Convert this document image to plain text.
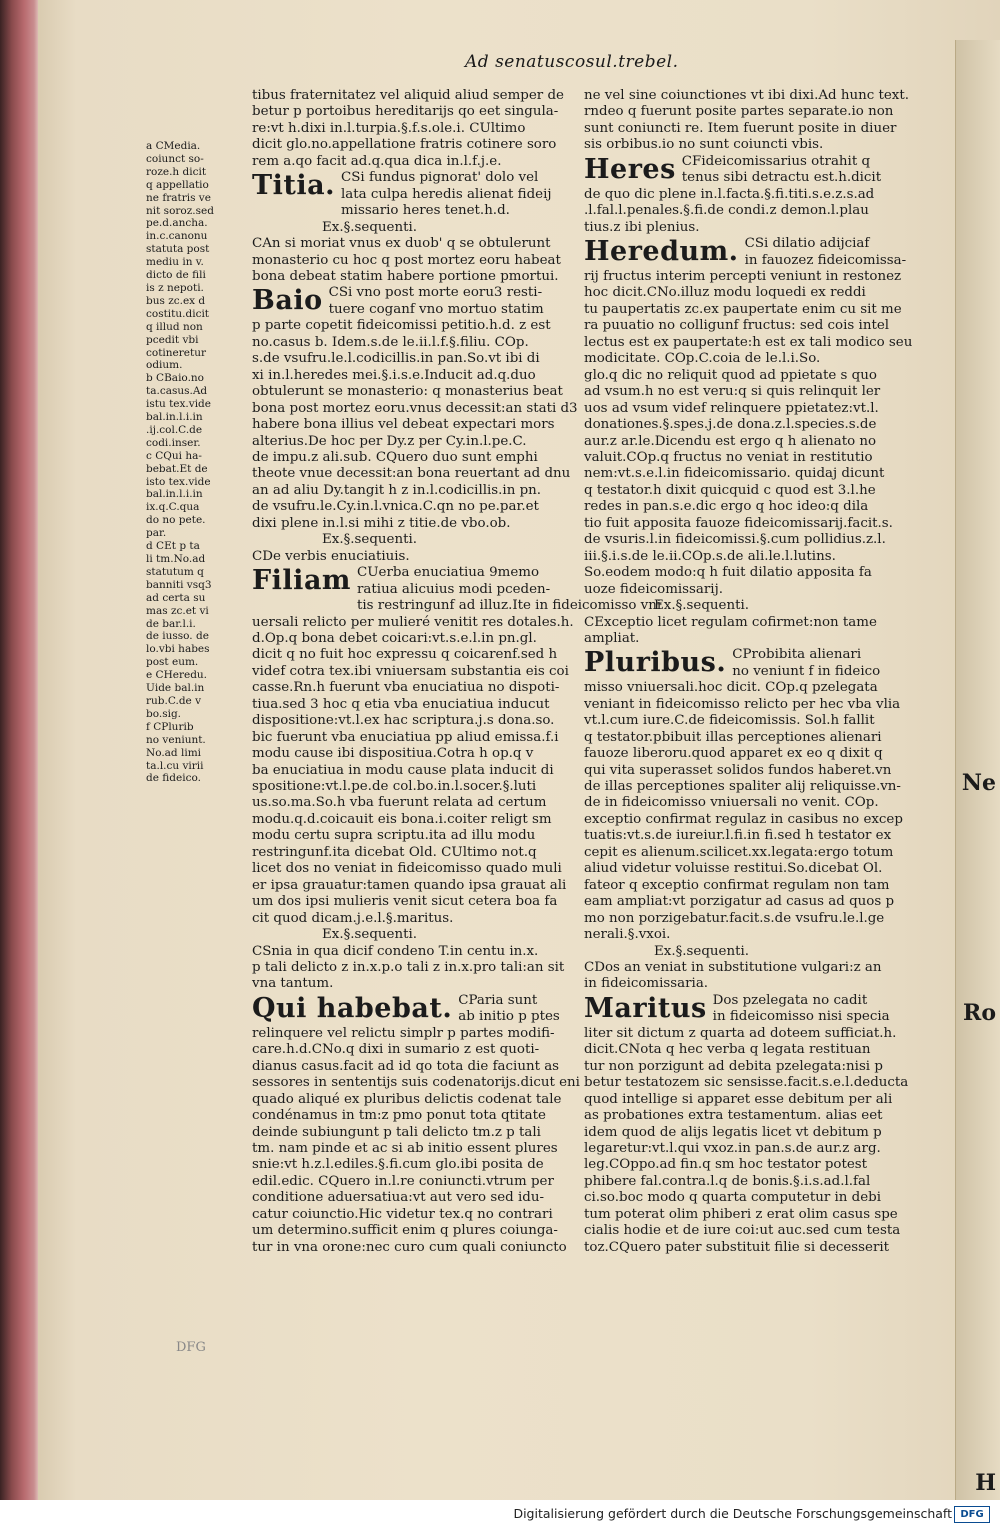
Ro
Ne
H
Ad senatuscosul.trebel.
a CMedia.
coiunct so-
roze.h dicit
q appellatio
ne fratris ve
nit soroz.sed
pe.d.ancha.
in.c.canonu
statuta post
mediu in v.
dicto de fili
is z nepoti.
bus zc.ex d
costitu.dicit
q illud non
pcedit vbi
cotineretur
odium.
b CBaio.no
ta.casus.Ad
istu tex.vide
bal.in.l.i.in
.ij.col.C.de
codi.inser.
c CQui ha-
bebat.Et de
isto tex.vide
bal.in.l.i.in
ix.q.C.qua
do no pete.
par.
d CEt p ta
li tm.No.ad
statutum q
banniti vsq3
ad certa su
mas zc.et vi
de bar.l.i.
de iusso. de
lo.vbi habes
post eum.
e CHeredu.
Uide bal.in
rub.C.de v
bo.sig.
f CPlurib
no veniunt.
No.ad limi
ta.l.cu virii
de fideico.
tibus fraternitatez vel aliquid aliud semper de
betur p portoibus hereditarijs qo eet singula-
re:vt h.dixi in.l.turpia.§.f.s.ole.i. CUltimo
dicit glo.no.appellatione fratris cotinere soro
rem a.qo facit ad.q.qua dica in.l.f.j.e.
Titia. CSi fundus pignorat' dolo vel
lata culpa heredis alienat fideij
missario heres tenet.h.d.
Ex.§.sequenti.
CAn si moriat vnus ex duob' q se obtulerunt
monasterio cu hoc q post mortez eoru habeat
bona debeat statim habere portione pmortui.
Baio CSi vno post morte eoru3 resti-
tuere coganf vno mortuo statim
p parte copetit fideicomissi petitio.h.d. z est
no.casus b. Idem.s.de le.ii.l.f.§.filiu. COp.
s.de vsufru.le.l.codicillis.in pan.So.vt ibi di
xi in.l.heredes mei.§.i.s.e.Inducit ad.q.duo
obtulerunt se monasterio: q monasterius beat
bona post mortez eoru.vnus decessit:an stati d3
habere bona illius vel debeat expectari mors
alterius.De hoc per Dy.z per Cy.in.l.pe.C.
de impu.z ali.sub. CQuero duo sunt emphi
theote vnue decessit:an bona reuertant ad dnu
an ad aliu Dy.tangit h z in.l.codicillis.in pn.
de vsufru.le.Cy.in.l.vnica.C.qn no pe.par.et
dixi plene in.l.si mihi z titie.de vbo.ob.
Ex.§.sequenti.
CDe verbis enuciatiuis.
Filiam CUerba enuciatiua 9memo
ratiua alicuius modi pceden-
tis restringunf ad illuz.Ite in fideicomisso vni
uersali relicto per mulieré venitit res dotales.h.
d.Op.q bona debet coicari:vt.s.e.l.in pn.gl.
dicit q no fuit hoc expressu q coicarenf.sed h
videf cotra tex.ibi vniuersam substantia eis coi
casse.Rn.h fuerunt vba enuciatiua no dispoti-
tiua.sed 3 hoc q etia vba enuciatiua inducut
dispositione:vt.l.ex hac scriptura.j.s dona.so.
bic fuerunt vba enuciatiua pp aliud emissa.f.i
modu cause ibi dispositiua.Cotra h op.q v
ba enuciatiua in modu cause plata inducit di
spositione:vt.l.pe.de col.bo.in.l.socer.§.luti
us.so.ma.So.h vba fuerunt relata ad certum
modu.q.d.coicauit eis bona.i.coiter religt sm
modu certu supra scriptu.ita ad illu modu
restringunf.ita dicebat Old. CUltimo not.q
licet dos no veniat in fideicomisso quado muli
er ipsa grauatur:tamen quando ipsa grauat ali
um dos ipsi mulieris venit sicut cetera boa fa
cit quod dicam.j.e.l.§.maritus.
Ex.§.sequenti.
CSnia in qua dicif condeno T.in centu in.x.
p tali delicto z in.x.p.o tali z in.x.pro tali:an sit
vna tantum.
Qui habebat. CParia sunt
ab initio p ptes
relinquere vel relictu simplr p partes modifi-
care.h.d.CNo.q dixi in sumario z est quoti-
dianus casus.facit ad id qo tota die faciunt as
sessores in sententijs suis codenatorijs.dicut eni
quado aliqué ex pluribus delictis codenat tale
condénamus in tm:z pmo ponut tota qtitate
deinde subiungunt p tali delicto tm.z p tali
tm. nam pinde et ac si ab initio essent plures
snie:vt h.z.l.ediles.§.fi.cum glo.ibi posita de
edil.edic. CQuero in.l.re coniuncti.vtrum per
conditione aduersatiua:vt aut vero sed idu-
catur coiunctio.Hic videtur tex.q no contrari
um determino.sufficit enim q plures coiunga-
tur in vna orone:nec curo cum quali coniuncto
ne vel sine coiunctiones vt ibi dixi.Ad hunc text.
rndeo q fuerunt posite partes separate.io non
sunt coniuncti re. Item fuerunt posite in diuer
sis orbibus.io no sunt coiuncti vbis.
Heres CFideicomissarius otrahit q
tenus sibi detractu est.h.dicit
de quo dic plene in.l.facta.§.fi.titi.s.e.z.s.ad
.l.fal.l.penales.§.fi.de condi.z demon.l.plau
tius.z ibi plenius.
Heredum. CSi dilatio adijciaf
in fauozez fideicomissa-
rij fructus interim percepti veniunt in restonez
hoc dicit.CNo.illuz modu loquedi ex reddi
tu paupertatis zc.ex paupertate enim cu sit me
ra puuatio no colligunf fructus: sed cois intel
lectus est ex paupertate:h est ex tali modico seu
modicitate. COp.C.coia de le.l.i.So.
glo.q dic no reliquit quod ad ppietate s quo
ad vsum.h no est veru:q si quis relinquit ler
uos ad vsum videf relinquere ppietatez:vt.l.
donationes.§.spes.j.de dona.z.l.species.s.de
aur.z ar.le.Dicendu est ergo q h alienato no
valuit.COp.q fructus no veniat in restitutio
nem:vt.s.e.l.in fideicomissario. quidaj dicunt
q testator.h dixit quicquid c quod est 3.l.he
redes in pan.s.e.dic ergo q hoc ideo:q dila
tio fuit apposita fauoze fideicomissarij.facit.s.
de vsuris.l.in fideicomissi.§.cum pollidius.z.l.
iii.§.i.s.de le.ii.COp.s.de ali.le.l.lutins.
So.eodem modo:q h fuit dilatio apposita fa
uoze fideicomissarij.
Ex.§.sequenti.
CExceptio licet regulam cofirmet:non tame
ampliat.
Pluribus. CProbibita alienari
no veniunt f in fideico
misso vniuersali.hoc dicit. COp.q pzelegata
veniant in fideicomisso relicto per hec vba vlia
vt.l.cum iure.C.de fideicomissis. Sol.h fallit
q testator.pbibuit illas perceptiones alienari
fauoze liberoru.quod apparet ex eo q dixit q
qui vita superasset solidos fundos haberet.vn
de illas perceptiones spaliter alij reliquisse.vn-
de in fideicomisso vniuersali no venit. COp.
exceptio confirmat regulaz in casibus no excep
tuatis:vt.s.de iureiur.l.fi.in fi.sed h testator ex
cepit es alienum.scilicet.xx.legata:ergo totum
aliud videtur voluisse restitui.So.dicebat Ol.
fateor q exceptio confirmat regulam non tam
eam ampliat:vt porzigatur ad casus ad quos p
mo non porzigebatur.facit.s.de vsufru.le.l.ge
nerali.§.vxoi.
Ex.§.sequenti.
CDos an veniat in substitutione vulgari:z an
in fideicomissaria.
Maritus Dos pzelegata no cadit
in fideicomisso nisi specia
liter sit dictum z quarta ad doteem sufficiat.h.
dicit.CNota q hec verba q legata restituan
tur non porzigunt ad debita pzelegata:nisi p
betur testatozem sic sensisse.facit.s.e.l.deducta
quod intellige si apparet esse debitum per ali
as probationes extra testamentum. alias eet
idem quod de alijs legatis licet vt debitum p
legaretur:vt.l.qui vxoz.in pan.s.de aur.z arg.
leg.COppo.ad fin.q sm hoc testator potest
phibere fal.contra.l.q de bonis.§.i.s.ad.l.fal
ci.so.boc modo q quarta computetur in debi
tum poterat olim phiberi z erat olim casus spe
cialis hodie et de iure coi:ut auc.sed cum testa
toz.CQuero pater substituit filie si decesserit
DFG
Digitalisierung gefördert durch die Deutsche Forschungsgemeinschaft DFG
